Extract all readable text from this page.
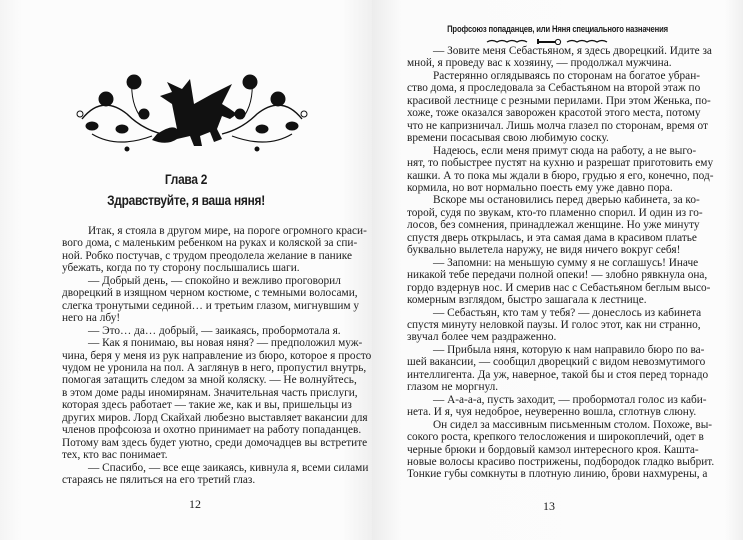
Глава 2
Здравствуйте, я ваша няня!
Итак, я стояла в другом мире, на пороге огромного краси-
вого дома, с маленьким ребенком на руках и коляской за спи-
ной. Робко постучав, с трудом преодолела желание в панике
убежать, когда по ту сторону послышались шаги.
— Добрый день, — спокойно и вежливо проговорил
дворецкий в изящном черном костюме, с темными волосами,
слегка тронутыми сединой… и третьим глазом, мигнувшим у
него на лбу!
— Это… да… добрый, — заикаясь, пробормотала я.
— Как я понимаю, вы новая няня? — предположил муж-
чина, беря у меня из рук направление из бюро, которое я просто
чудом не уронила на пол. А заглянув в него, пропустил внутрь,
помогая затащить следом за мной коляску. — Не волнуйтесь,
в этом доме рады иномирянам. Значительная часть прислуги,
которая здесь работает — такие же, как и вы, пришельцы из
других миров. Лорд Скайхай любезно выставляет вакансии для
членов профсоюза и охотно принимает на работу попаданцев.
Потому вам здесь будет уютно, среди домочадцев вы встретите
тех, кто вас понимает.
— Спасибо, — все еще заикаясь, кивнула я, всеми силами
стараясь не пялиться на его третий глаз.
12
Профсоюз попаданцев, или Няня специального назначения
— Зовите меня Себастьяном, я здесь дворецкий. Идите за
мной, я проведу вас к хозяину, — продолжал мужчина.
Растерянно оглядываясь по сторонам на богатое убран-
ство дома, я проследовала за Себастьяном на второй этаж по
красивой лестнице с резными перилами. При этом Женька, по-
хоже, тоже оказался заворожен красотой этого места, потому
что не капризничал. Лишь молча глазел по сторонам, время от
времени посасывая свою любимую соску.
Надеюсь, если меня примут сюда на работу, а не выго-
нят, то побыстрее пустят на кухню и разрешат приготовить ему
кашки. А то пока мы ждали в бюро, грудью я его, конечно, под-
кормила, но вот нормально поесть ему уже давно пора.
Вскоре мы остановились перед дверью кабинета, за ко-
торой, судя по звукам, кто-то пламенно спорил. И один из го-
лосов, без сомнения, принадлежал женщине. Но уже минуту
спустя дверь открылась, и эта самая дама в красивом платье
буквально вылетела наружу, не видя ничего вокруг себя!
— Запомни: на меньшую сумму я не соглашусь! Иначе
никакой тебе передачи полной опеки! — злобно рявкнула она,
гордо вздернув нос. И смерив нас с Себастьяном беглым высо-
комерным взглядом, быстро зашагала к лестнице.
— Себастьян, кто там у тебя? — донеслось из кабинета
спустя минуту неловкой паузы. И голос этот, как ни странно,
звучал более чем раздраженно.
— Прибыла няня, которую к нам направило бюро по ва-
шей вакансии, — сообщил дворецкий с видом невозмутимого
интеллигента. Да уж, наверное, такой бы и стоя перед торнадо
глазом не моргнул.
— А-а-а-а, пусть заходит, — пробормотал голос из каби-
нета. И я, чуя недоброе, неуверенно вошла, сглотнув слюну.
Он сидел за массивным письменным столом. Похоже, вы-
сокого роста, крепкого телосложения и широкоплечий, одет в
черные брюки и бордовый камзол интересного кроя. Кашта-
новые волосы красиво пострижены, подбородок гладко выбрит.
Тонкие губы сомкнуты в плотную линию, брови нахмурены, а
13
